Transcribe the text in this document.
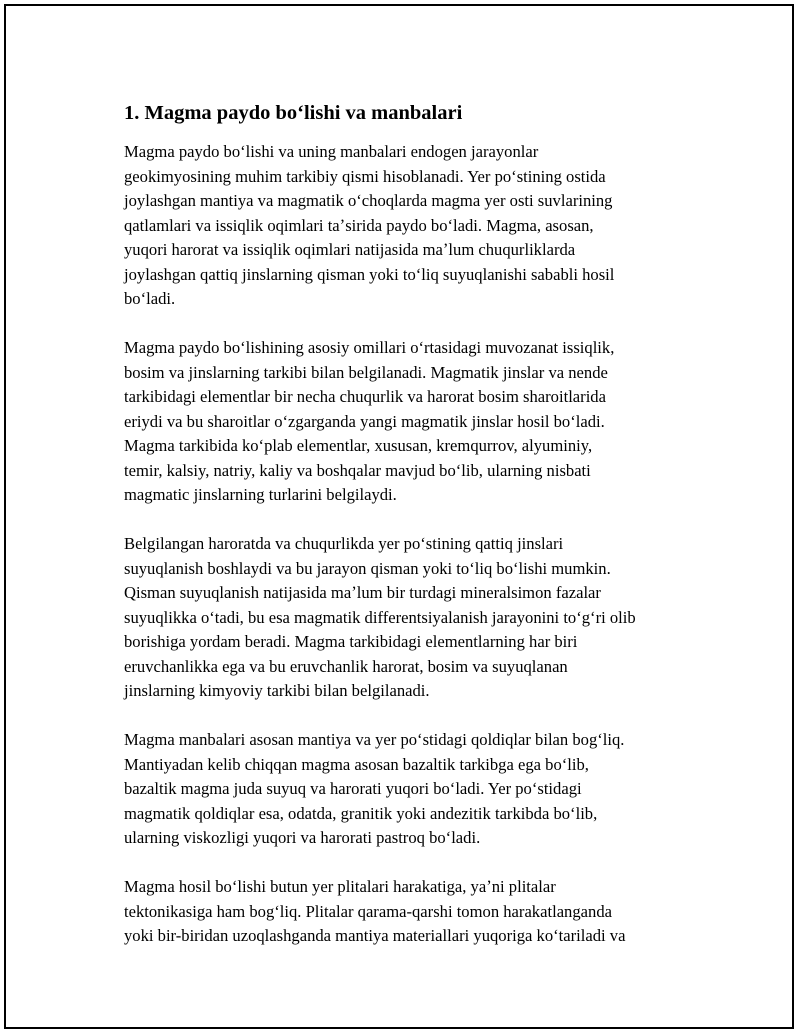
1. Magma paydo boʻlishi va manbalari

Magma paydo boʻlishi va uning manbalari endogen jarayonlar
geokimyosining muhim tarkibiy qismi hisoblanadi. Yer poʻstining ostida
joylashgan mantiya va magmatik oʻchoqlarda magma yer osti suvlarining
qatlamlari va issiqlik oqimlari taʼsirida paydo boʻladi. Magma, asosan,
yuqori harorat va issiqlik oqimlari natijasida maʼlum chuqurliklarda
joylashgan qattiq jinslarning qisman yoki toʻliq suyuqlanishi sababli hosil
boʻladi.

Magma paydo boʻlishining asosiy omillari oʻrtasidagi muvozanat issiqlik,
bosim va jinslarning tarkibi bilan belgilanadi. Magmatik jinslar va nende
tarkibidagi elementlar bir necha chuqurlik va harorat bosim sharoitlarida
eriydi va bu sharoitlar oʻzgarganda yangi magmatik jinslar hosil boʻladi.
Magma tarkibida koʻplab elementlar, xususan, kremqurrov, alyuminiy,
temir, kalsiy, natriy, kaliy va boshqalar mavjud boʻlib, ularning nisbati
magmatic jinslarning turlarini belgilaydi.

Belgilangan haroratda va chuqurlikda yer poʻstining qattiq jinslari
suyuqlanish boshlaydi va bu jarayon qisman yoki toʻliq boʻlishi mumkin.
Qisman suyuqlanish natijasida maʼlum bir turdagi mineralsimon fazalar
suyuqlikka oʻtadi, bu esa magmatik differentsiyalanish jarayonini toʻgʻri olib
borishiga yordam beradi. Magma tarkibidagi elementlarning har biri
eruvchanlikka ega va bu eruvchanlik harorat, bosim va suyuqlanan
jinslarning kimyoviy tarkibi bilan belgilanadi.

Magma manbalari asosan mantiya va yer poʻstidagi qoldiqlar bilan bogʻliq.
Mantiyadan kelib chiqqan magma asosan bazaltik tarkibga ega boʻlib,
bazaltik magma juda suyuq va harorati yuqori boʻladi. Yer poʻstidagi
magmatik qoldiqlar esa, odatda, granitik yoki andezitik tarkibda boʻlib,
ularning viskozligi yuqori va harorati pastroq boʻladi.

Magma hosil boʻlishi butun yer plitalari harakatiga, yaʼni plitalar
tektonikasiga ham bogʻliq. Plitalar qarama-qarshi tomon harakatlanganda
yoki bir-biridan uzoqlashganda mantiya materiallari yuqoriga koʻtariladi va
